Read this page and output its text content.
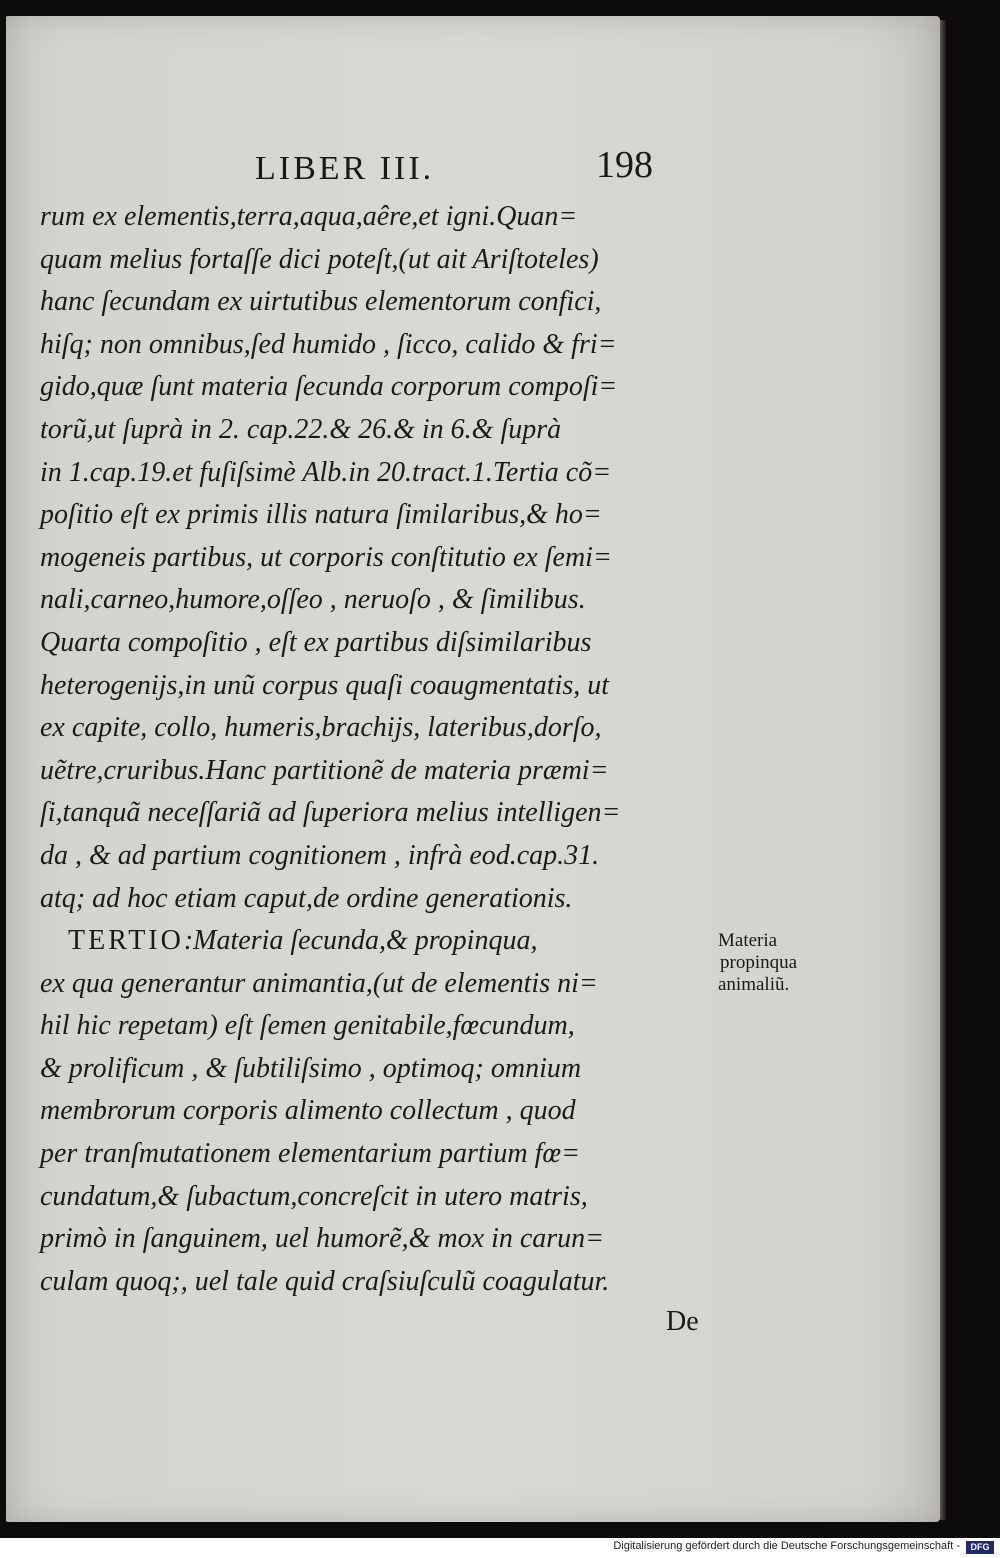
LIBER III.	198
rum ex elementis,terra,aqua,aêre,et igni.Quan=
quam melius fortaſſe dici poteſt,(ut ait Ariſtoteles)
hanc ſecundam ex uirtutibus elementorum confici,
hiſq; non omnibus,ſed humido , ſicco, calido & fri=
gido,quæ ſunt materia ſecunda corporum compoſi=
torũ,ut ſuprà in 2. cap.22.& 26.& in 6.& ſuprà
in 1.cap.19.et fuſiſsimè Alb.in 20.tract.1.Tertia cõ=
poſitio eſt ex primis illis natura ſimilaribus,& ho=
mogeneis partibus, ut corporis conſtitutio ex ſemi=
nali,carneo,humore,oſſeo , neruoſo , & ſimilibus.
Quarta compoſitio , eſt ex partibus diſsimilaribus
heterogenijs,in unũ corpus quaſi coaugmentatis, ut
ex capite, collo, humeris,brachijs, lateribus,dorſo,
uẽtre,cruribus.Hanc partitionẽ de materia præmi=
ſi,tanquã neceſſariã ad ſuperiora melius intelligen=
da , & ad partium cognitionem , infrà eod.cap.31.
atq; ad hoc etiam caput,de ordine generationis.
 TERTIO:Materia ſecunda,& propinqua,
ex qua generantur animantia,(ut de elementis ni=
hil hic repetam) eſt ſemen genitabile,fœcundum,
& prolificum , & ſubtiliſsimo , optimoq; omnium
membrorum corporis alimento collectum , quod
per tranſmutationem elementarium partium fœ=
cundatum,& ſubactum,concreſcit in utero matris,
primò in ſanguinem, uel humorẽ,& mox in carun=
culam quoq;, uel tale quid craſsiuſculũ coagulatur.
Materia
propinqua
animaliũ.
De
Digitalisierung gefördert durch die Deutsche Forschungsgemeinschaft -	DFG
